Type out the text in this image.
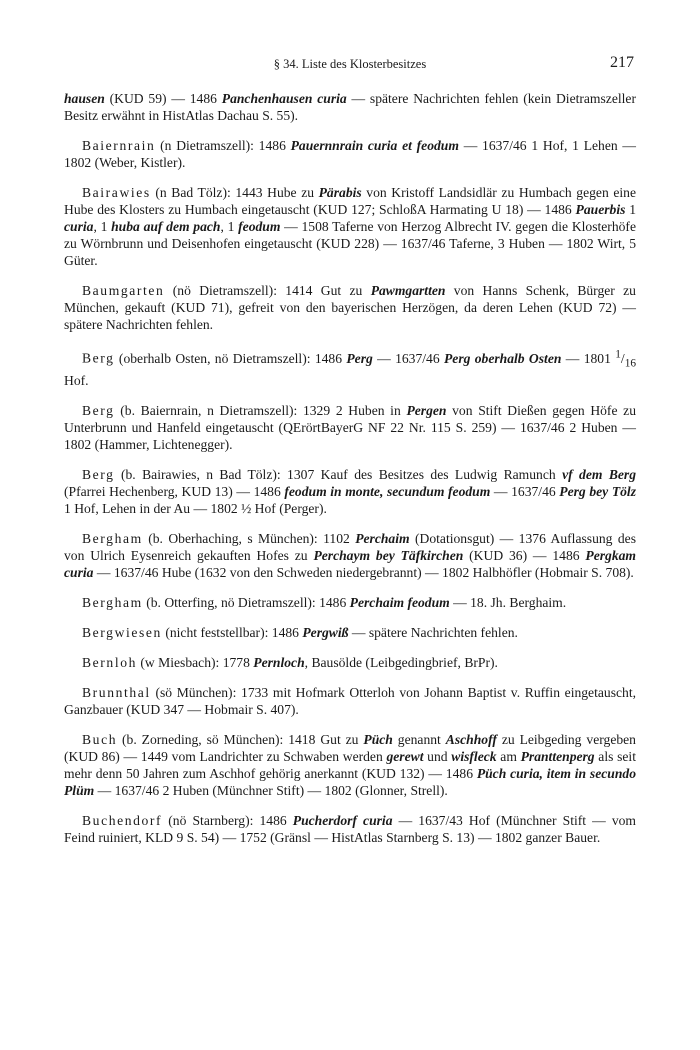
§ 34. Liste des Klosterbesitzes	217

hausen (KUD 59) — 1486 Panchenhausen curia — spätere Nachrichten fehlen (kein Dietramszeller Besitz erwähnt in HistAtlas Dachau S. 55).

Baiernrain (n Dietramszell): 1486 Pauernnrain curia et feodum — 1637/46 1 Hof, 1 Lehen — 1802 (Weber, Kistler).

Bairawies (n Bad Tölz): 1443 Hube zu Pärabis von Kristoff Landsidlär zu Humbach gegen eine Hube des Klosters zu Humbach eingetauscht (KUD 127; SchloßA Harmating U 18) — 1486 Pauerbis 1 curia, 1 huba auf dem pach, 1 feodum — 1508 Taferne von Herzog Albrecht IV. gegen die Klosterhöfe zu Wörnbrunn und Deisenhofen eingetauscht (KUD 228) — 1637/46 Taferne, 3 Huben — 1802 Wirt, 5 Güter.

Baumgarten (nö Dietramszell): 1414 Gut zu Pawmgartten von Hanns Schenk, Bürger zu München, gekauft (KUD 71), gefreit von den bayerischen Herzögen, da deren Lehen (KUD 72) — spätere Nachrichten fehlen.

Berg (oberhalb Osten, nö Dietramszell): 1486 Perg — 1637/46 Perg oberhalb Osten — 1801 $^1/_{16}$ Hof.

Berg (b. Baiernrain, n Dietramszell): 1329 2 Huben in Pergen von Stift Dießen gegen Höfe zu Unterbrunn und Hanfeld eingetauscht (QErörtBayerG NF 22 Nr. 115 S. 259) — 1637/46 2 Huben — 1802 (Hammer, Lichtenegger).

Berg (b. Bairawies, n Bad Tölz): 1307 Kauf des Besitzes des Ludwig Ramunch vf dem Berg (Pfarrei Hechenberg, KUD 13) — 1486 feodum in monte, secundum feodum — 1637/46 Perg bey Tölz 1 Hof, Lehen in der Au — 1802 ½ Hof (Perger).

Bergham (b. Oberhaching, s München): 1102 Perchaim (Dotationsgut) — 1376 Auflassung des von Ulrich Eysenreich gekauften Hofes zu Perchaym bey Täfkirchen (KUD 36) — 1486 Pergkam curia — 1637/46 Hube (1632 von den Schweden niedergebrannt) — 1802 Halbhöfler (Hobmair S. 708).

Bergham (b. Otterfing, nö Dietramszell): 1486 Perchaim feodum — 18. Jh. Berghaim.

Bergwiesen (nicht feststellbar): 1486 Pergwiß — spätere Nachrichten fehlen.

Bernloh (w Miesbach): 1778 Pernloch, Bausölde (Leibgedingbrief, BrPr).

Brunnthal (sö München): 1733 mit Hofmark Otterloh von Johann Baptist v. Ruffin eingetauscht, Ganzbauer (KUD 347 — Hobmair S. 407).

Buch (b. Zorneding, sö München): 1418 Gut zu Püch genannt Aschhoff zu Leibgeding vergeben (KUD 86) — 1449 vom Landrichter zu Schwaben werden gerewt und wisfleck am Pranttenperg als seit mehr denn 50 Jahren zum Aschhof gehörig anerkannt (KUD 132) — 1486 Püch curia, item in secundo Plüm — 1637/46 2 Huben (Münchner Stift) — 1802 (Glonner, Strell).

Buchendorf (nö Starnberg): 1486 Pucherdorf curia — 1637/43 Hof (Münchner Stift — vom Feind ruiniert, KLD 9 S. 54) — 1752 (Gränsl — HistAtlas Starnberg S. 13) — 1802 ganzer Bauer.
